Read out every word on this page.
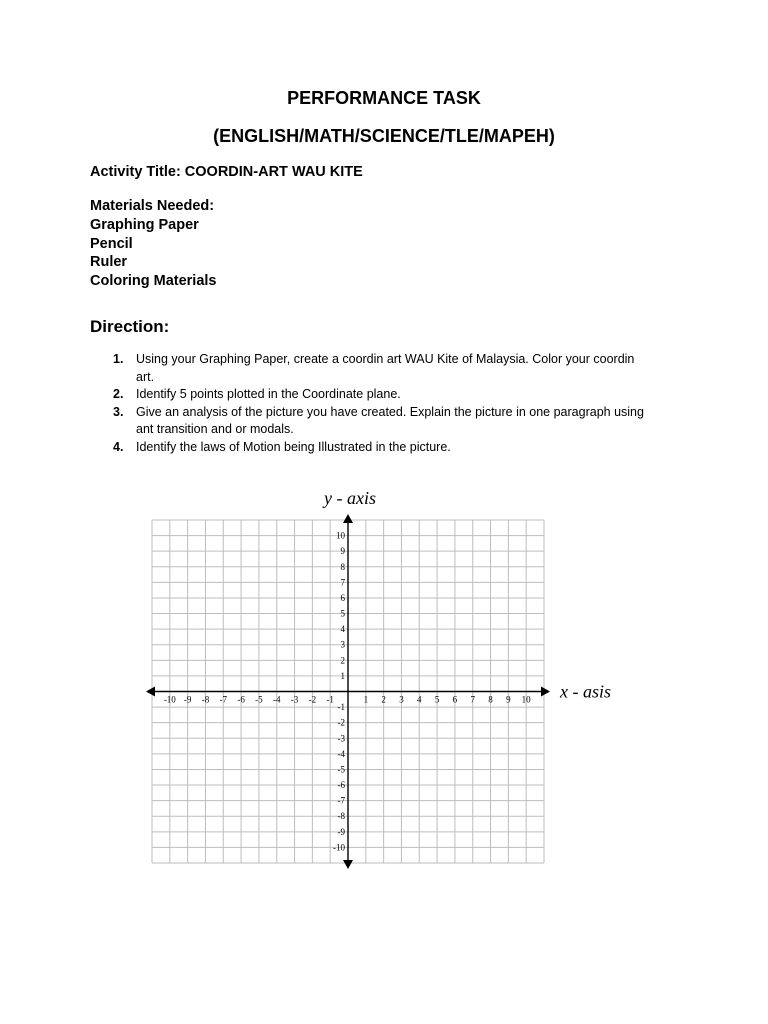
PERFORMANCE TASK
(ENGLISH/MATH/SCIENCE/TLE/MAPEH)
Activity Title: COORDIN-ART WAU KITE
Materials Needed:
Graphing Paper
Pencil
Ruler
Coloring Materials
Direction:
1. Using your Graphing Paper, create a coordin art WAU Kite of Malaysia. Color your coordin art.
2. Identify 5 points plotted in the Coordinate plane.
3. Give an analysis of the picture you have created. Explain the picture in one paragraph using ant transition and or modals.
4. Identify the laws of Motion being Illustrated in the picture.
-10 -9 -8 -7 -6 -5 -4 -3 -2 -1	1 2 3 4 5 6 7 8 9 10
10
9
8
7
6
5
4
3
2
1
-1
-2
-3
-4
-5
-6
-7
-8
-9
-10
y - axis
x - asis
